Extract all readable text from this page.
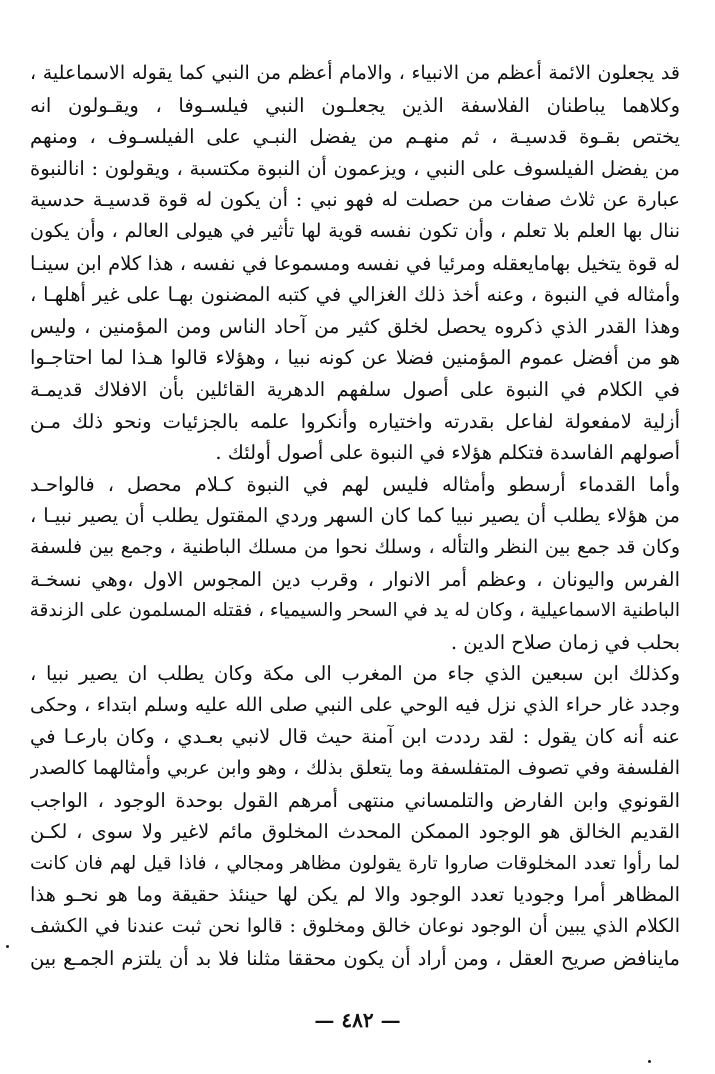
قد يجعلون الائمة أعظم من الانبياء ، والامام أعظم من النبي كما يقوله الاسماعلية ،
وكلاهما يباطنان الفلاسفة الذين يجعلـون النبي فيلسـوفا ، ويقـولون انه
يختص بقـوة قدسيـة ، ثم منهـم من يفضل النبـي على الفيلسـوف ، ومنهم
من يفضل الفيلسوف على النبي ، ويزعمون أن النبوة مكتسبة ، ويقولون : انالنبوة
عبارة عن ثلاث صفات من حصلت له فهو نبي : أن يكون له قوة قدسيـة حدسية
ننال بها العلم بلا تعلم ، وأن تكون نفسه قوية لها تأثير في هيولى العالم ، وأن يكون
له قوة يتخيل بهامايعقله ومرئيا في نفسه ومسموعا في نفسه ، هذا كلام ابن سينـا
وأمثاله في النبوة ، وعنه أخذ ذلك الغزالي في كتبه المضنون بهـا على غير أهلهـا ،
وهذا القدر الذي ذكروه يحصل لخلق كثير من آحاد الناس ومن المؤمنين ، وليس
هو من أفضل عموم المؤمنين فضلا عن كونه نبيا ، وهؤلاء قالوا هـذا لما احتاجـوا
في الكلام في النبوة على أصول سلفهم الدهرية القائلين بأن الافلاك قديمـة
أزلية لامفعولة لفاعل بقدرته واختياره وأنكروا علمه بالجزئيات ونحو ذلك مـن
أصولهم الفاسدة فتكلم هؤلاء في النبوة على أصول أولئك .
وأما القدماء أرسطو وأمثاله فليس لهم في النبوة كـلام محصل ، فالواحـد
من هؤلاء يطلب أن يصير نبيا كما كان السهر وردي المقتول يطلب أن يصير نبيـا ،
وكان قد جمع بين النظر والتأله ، وسلك نحوا من مسلك الباطنية ، وجمع بين فلسفة
الفرس واليونان ، وعظم أمر الانوار ، وقرب دين المجوس الاول ،وهي نسخـة
الباطنية الاسماعيلية ، وكان له يد في السحر والسيمياء ، فقتله المسلمون على الزندقة
بحلب في زمان صلاح الدين .
وكذلك ابن سبعين الذي جاء من المغرب الى مكة وكان يطلب ان يصير نبيا ،
وجدد غار حراء الذي نزل فيه الوحي على النبي صلى الله عليه وسلم ابتداء ، وحكى
عنه أنه كان يقول : لقد رددت ابن آمنة حيث قال لانبي بعـدي ، وكان بارعـا في
الفلسفة وفي تصوف المتفلسفة وما يتعلق بذلك ، وهو وابن عربي وأمثالهما كالصدر
القونوي وابن الفارض والتلمساني منتهى أمرهم القول بوحدة الوجود ، الواجب
القديم الخالق هو الوجود الممكن المحدث المخلوق مائم لاغير ولا سوى ، لكـن
لما رأوا تعدد المخلوقات صاروا تارة يقولون مظاهر ومجالي ، فاذا قيل لهم فان كانت
المظاهر أمرا وجوديا تعدد الوجود والا لم يكن لها حينئذ حقيقة وما هو نحـو هذا
الكلام الذي يبين أن الوجود نوعان خالق ومخلوق : قالوا نحن ثبت عندنا في الكشف
ماينافض صريح العقل ، ومن أراد أن يكون محققا مثلنا فلا بد أن يلتزم الجمـع بين
— ٤٨٢ —
